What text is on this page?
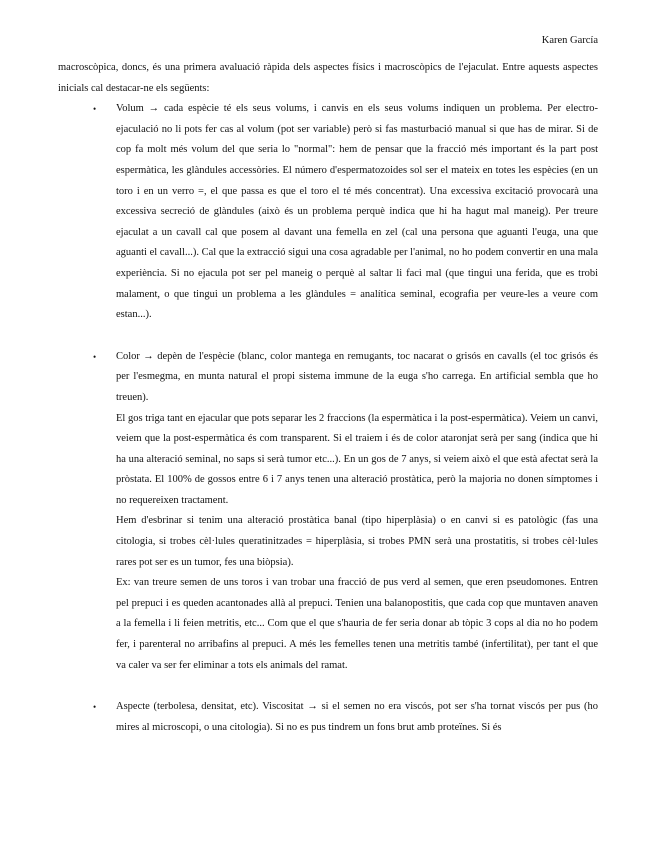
Karen García

macroscòpica, doncs, és una primera avaluació ràpida dels aspectes físics i macroscòpics de l'ejaculat. Entre aquests aspectes inicials cal destacar-ne els següents:

• Volum → cada espècie té els seus volums, i canvis en els seus volums indiquen un problema. Per electro-ejaculació no li pots fer cas al volum (pot ser variable) però si fas masturbació manual si que has de mirar. Si de cop fa molt més volum del que seria lo "normal": hem de pensar que la fracció més important és la part post espermàtica, les glàndules accessòries. El número d'espermatozoides sol ser el mateix en totes les espècies (en un toro i en un verro =, el que passa es que el toro el té més concentrat). Una excessiva excitació provocarà una excessiva secreció de glàndules (això és un problema perquè indica que hi ha hagut mal maneig). Per treure ejaculat a un cavall cal que posem al davant una femella en zel (cal una persona que aguanti l'euga, una que aguanti el cavall...). Cal que la extracció sigui una cosa agradable per l'animal, no ho podem convertir en una mala experiència. Si no ejacula pot ser pel maneig o perquè al saltar li faci mal (que tingui una ferida, que es trobi malament, o que tingui un problema a les glàndules = analítica seminal, ecografia per veure-les a veure com estan...).

• Color → depèn de l'espècie (blanc, color mantega en remugants, toc nacarat o grisós en cavalls (el toc grisós és per l'esmegma, en munta natural el propi sistema immune de la euga s'ho carrega. En artificial sembla que ho treuen).

El gos triga tant en ejacular que pots separar les 2 fraccions (la espermàtica i la post-espermàtica). Veiem un canvi, veiem que la post-espermàtica és com transparent. Si el traiem i és de color ataronjat serà per sang (indica que hi ha una alteració seminal, no saps si serà tumor etc...). En un gos de 7 anys, si veiem això el que està afectat serà la pròstata. El 100% de gossos entre 6 i 7 anys tenen una alteració prostàtica, però la majoria no donen símptomes i no requereixen tractament.

Hem d'esbrinar si tenim una alteració prostàtica banal (tipo hiperplàsia) o en canvi si es patològic (fas una citologia, si trobes cèl·lules queratinitzades = hiperplàsia, si trobes PMN serà una prostatitis, si trobes cèl·lules rares pot ser es un tumor, fes una biòpsia).

Ex: van treure semen de uns toros i van trobar una fracció de pus verd al semen, que eren pseudomones. Entren pel prepuci i es queden acantonades allà al prepuci. Tenien una balanopostitis, que cada cop que muntaven anaven a la femella i li feien metritis, etc... Com que el que s'hauria de fer seria donar ab tòpic 3 cops al dia no ho podem fer, i parenteral no arribafins al prepuci. A més les femelles tenen una metritis també (infertilitat), per tant el que va caler va ser fer eliminar a tots els animals del ramat.

• Aspecte (terbolesa, densitat, etc). Viscositat → si el semen no era viscós, pot ser s'ha tornat viscós per pus (ho mires al microscopi, o una citologia). Si no es pus tindrem un fons brut amb proteïnes. Si és
